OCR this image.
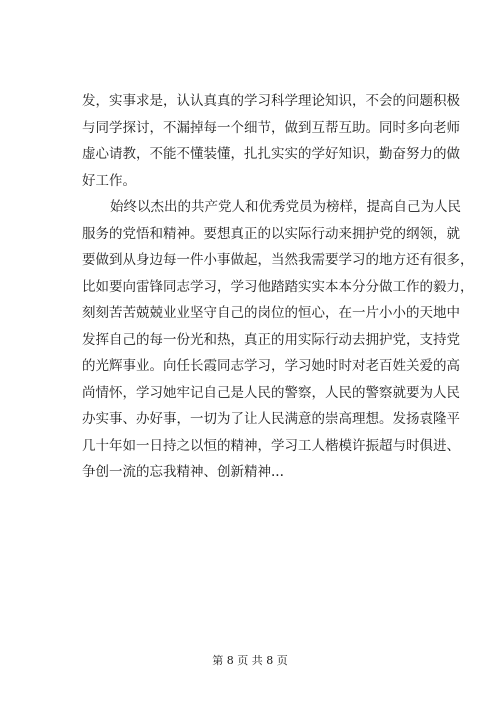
发，实事求是，认认真真的学习科学理论知识，不会的问题积极
与同学探讨，不漏掉每一个细节，做到互帮互助。同时多向老师
虚心请教，不能不懂装懂，扎扎实实的学好知识，勤奋努力的做
好工作。
始终以杰出的共产党人和优秀党员为榜样，提高自己为人民
服务的党悟和精神。要想真正的以实际行动来拥护党的纲领，就
要做到从身边每一件小事做起，当然我需要学习的地方还有很多，
比如要向雷锋同志学习，学习他踏踏实实本本分分做工作的毅力，
刻刻苦苦兢兢业业坚守自己的岗位的恒心，在一片小小的天地中
发挥自己的每一份光和热，真正的用实际行动去拥护党，支持党
的光辉事业。向任长霞同志学习，学习她时时对老百姓关爱的高
尚情怀，学习她牢记自己是人民的警察，人民的警察就要为人民
办实事、办好事，一切为了让人民满意的崇高理想。发扬袁隆平
几十年如一日持之以恒的精神，学习工人楷模许振超与时俱进、
争创一流的忘我精神、创新精神...
第 8 页 共 8 页
